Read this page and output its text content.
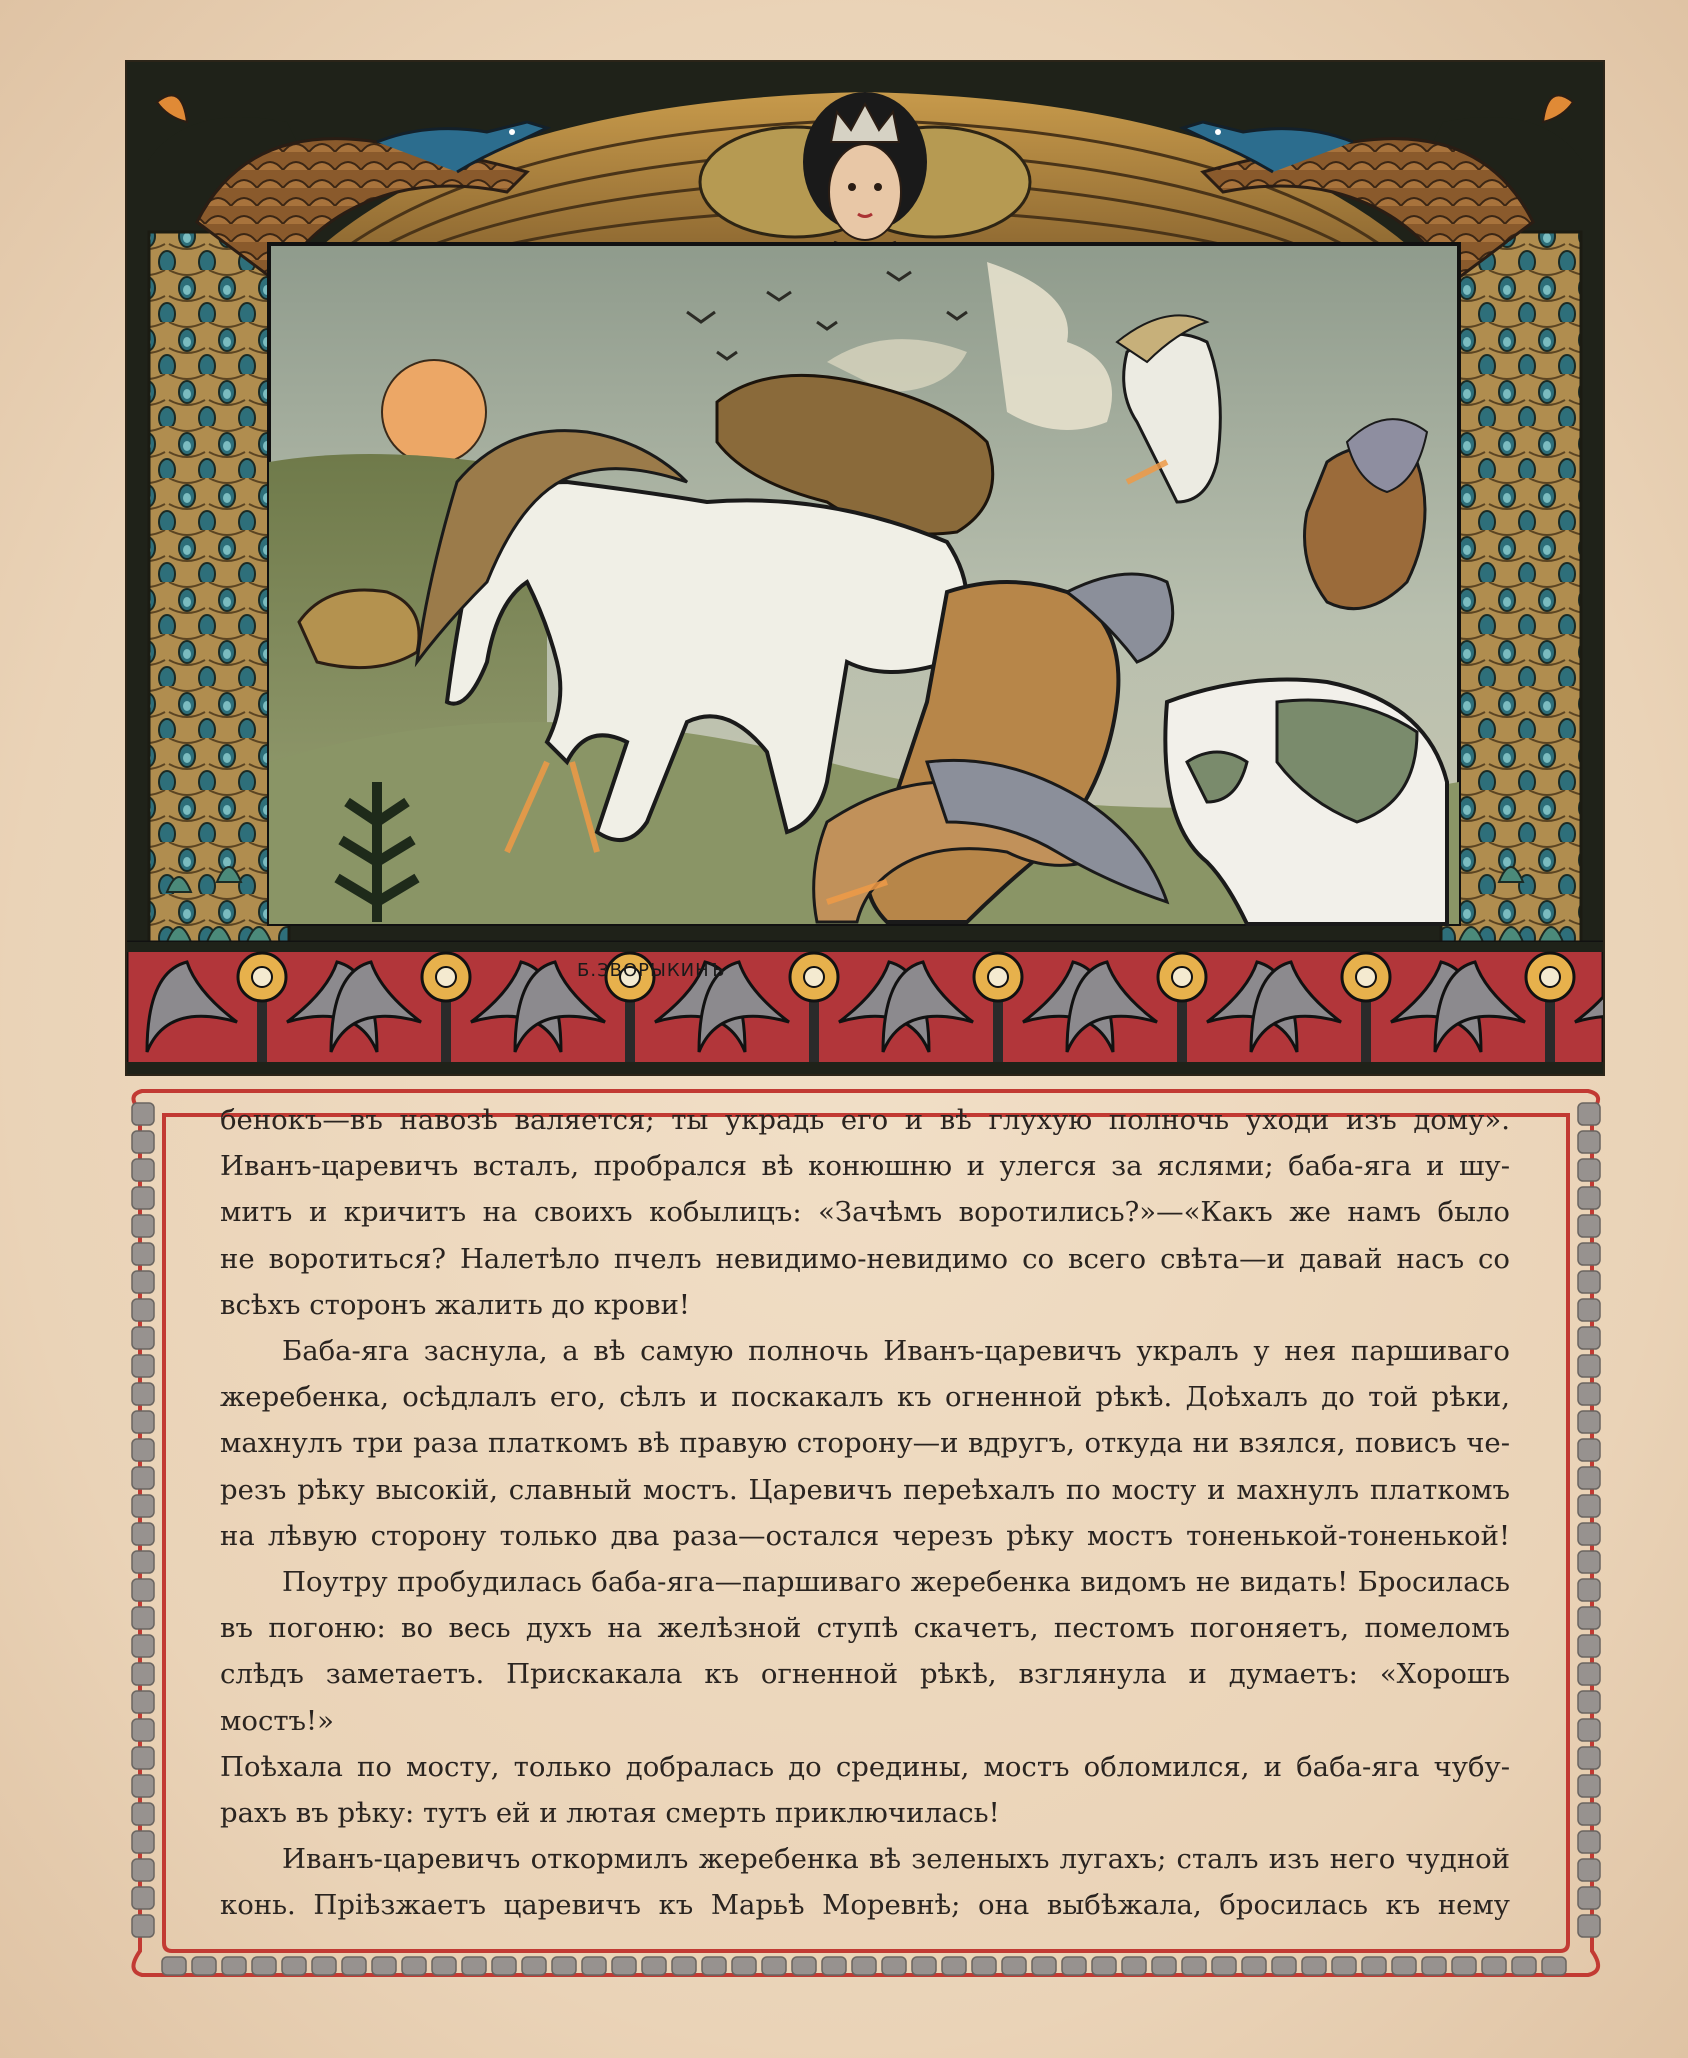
Б.ЗВОРЫКИНЪ

бенокъ—въ навозѣ валяется; ты украдь его и вѣ глухую полночь уходи изъ дому».

Иванъ-царевичъ всталъ, пробрался вѣ конюшню и улегся за яслями; баба-яга и шу-

митъ и кричитъ на своихъ кобылицъ: «Зачѣмъ воротились?»—«Какъ же намъ было

не воротиться? Налетѣло пчелъ невидимо-невидимо со всего свѣта—и давай насъ со

всѣхъ сторонъ жалить до крови!

Баба-яга заснула, а вѣ самую полночь Иванъ-царевичъ укралъ у нея паршиваго

жеребенка, осѣдлалъ его, сѣлъ и поскакалъ къ огненной рѣкѣ. Доѣхалъ до той рѣки,

махнулъ три раза платкомъ вѣ правую сторону—и вдругъ, откуда ни взялся, повисъ че-

резъ рѣку высокій, славный мостъ. Царевичъ переѣхалъ по мосту и махнулъ платкомъ

на лѣвую сторону только два раза—остался черезъ рѣку мостъ тоненькой-тоненькой!

Поутру пробудилась баба-яга—паршиваго жеребенка видомъ не видать! Бросилась

въ погоню: во весь духъ на желѣзной ступѣ скачетъ, пестомъ погоняетъ, помеломъ

слѣдъ заметаетъ. Прискакала къ огненной рѣкѣ, взглянула и думаетъ: «Хорошъ мостъ!»

Поѣхала по мосту, только добралась до средины, мостъ обломился, и баба-яга чубу-

рахъ въ рѣку: тутъ ей и лютая смерть приключилась!

Иванъ-царевичъ откормилъ жеребенка вѣ зеленыхъ лугахъ; сталъ изъ него чудной

конь. Пріѣзжаетъ царевичъ къ Марьѣ Моревнѣ; она выбѣжала, бросилась къ нему
